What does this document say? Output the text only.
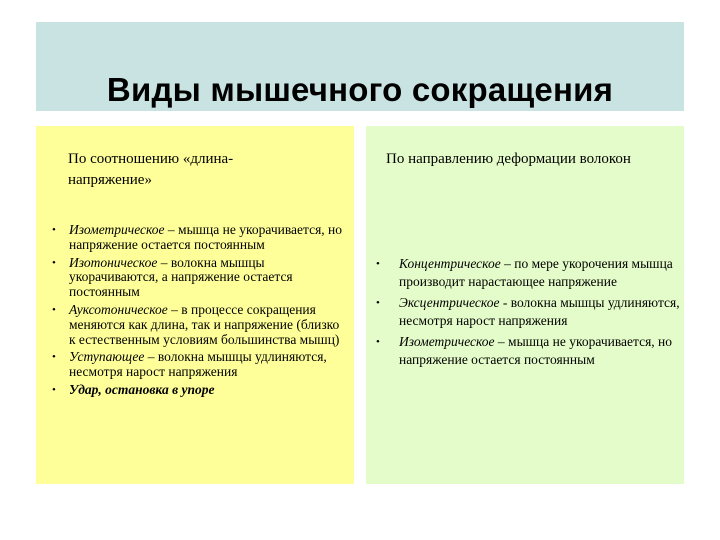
Виды мышечного сокращения
По соотношению «длина-напряжение»
• Изометрическое – мышца не укорачивается, но напряжение остается постоянным
• Изотоническое – волокна мышцы укорачиваются, а напряжение остается постоянным
• Ауксотоническое – в процессе сокращения меняются как длина, так и напряжение (близко к естественным условиям большинства мышц)
• Уступающее – волокна мышцы удлиняются, несмотря нарост напряжения
• Удар, остановка в упоре
По направлению деформации волокон
• Концентрическое – по мере укорочения мышца производит нарастающее напряжение
• Эксцентрическое - волокна мышцы удлиняются, несмотря нарост напряжения
• Изометрическое – мышца не укорачивается, но напряжение остается постоянным
